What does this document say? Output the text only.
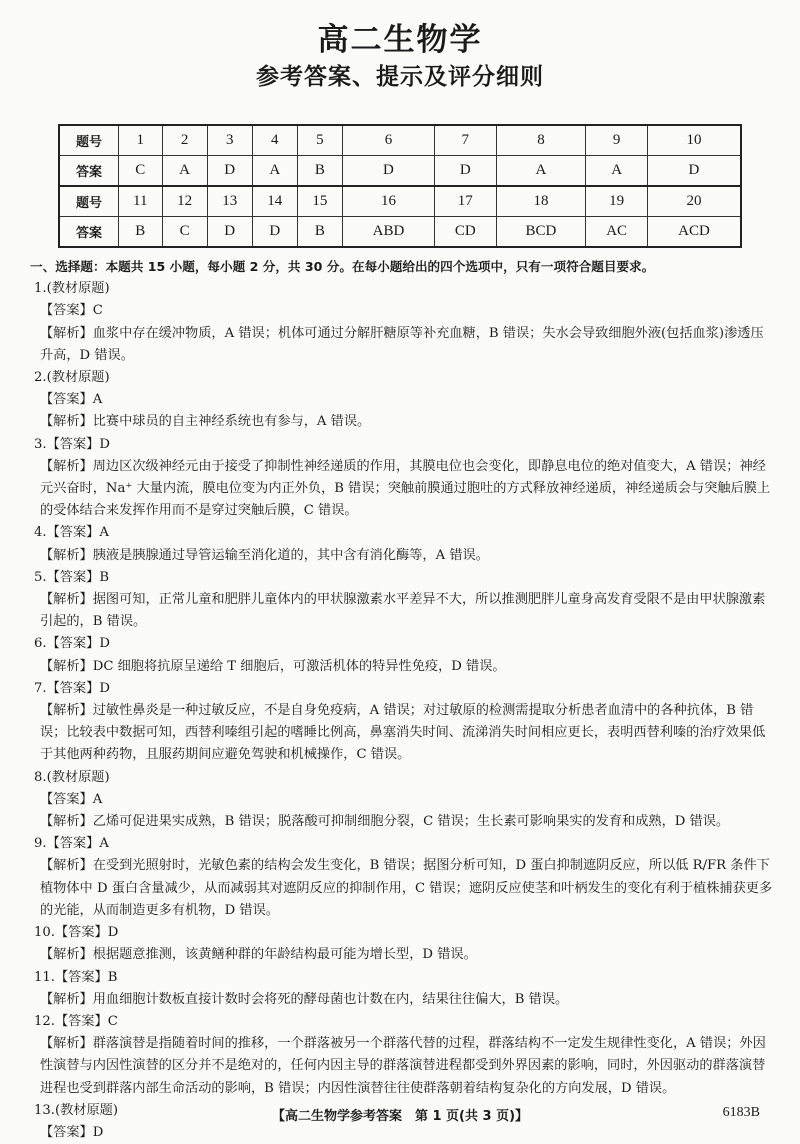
高二生物学
参考答案、提示及评分细则
题号	1	2	3	4	5	6	7	8	9	10
答案	C	A	D	A	B	D	D	A	A	D
题号	11	12	13	14	15	16	17	18	19	20
答案	B	C	D	D	B	ABD	CD	BCD	AC	ACD
一、选择题：本题共 15 小题，每小题 2 分，共 30 分。在每小题给出的四个选项中，只有一项符合题目要求。
1.(教材原题)
【答案】C
【解析】血浆中存在缓冲物质，A 错误；机体可通过分解肝糖原等补充血糖，B 错误；失水会导致细胞外液(包括血浆)渗透压升高，D 错误。
2.(教材原题)
【答案】A
【解析】比赛中球员的自主神经系统也有参与，A 错误。
3.【答案】D
【解析】周边区次级神经元由于接受了抑制性神经递质的作用，其膜电位也会变化，即静息电位的绝对值变大，A 错误；神经元兴奋时，Na⁺ 大量内流，膜电位变为内正外负，B 错误；突触前膜通过胞吐的方式释放神经递质，神经递质会与突触后膜上的受体结合来发挥作用而不是穿过突触后膜，C 错误。
4.【答案】A
【解析】胰液是胰腺通过导管运输至消化道的，其中含有消化酶等，A 错误。
5.【答案】B
【解析】据图可知，正常儿童和肥胖儿童体内的甲状腺激素水平差异不大，所以推测肥胖儿童身高发育受限不是由甲状腺激素引起的，B 错误。
6.【答案】D
【解析】DC 细胞将抗原呈递给 T 细胞后，可激活机体的特异性免疫，D 错误。
7.【答案】D
【解析】过敏性鼻炎是一种过敏反应，不是自身免疫病，A 错误；对过敏原的检测需提取分析患者血清中的各种抗体，B 错误；比较表中数据可知，西替利嗪组引起的嗜睡比例高，鼻塞消失时间、流涕消失时间相应更长，表明西替利嗪的治疗效果低于其他两种药物，且服药期间应避免驾驶和机械操作，C 错误。
8.(教材原题)
【答案】A
【解析】乙烯可促进果实成熟，B 错误；脱落酸可抑制细胞分裂，C 错误；生长素可影响果实的发育和成熟，D 错误。
9.【答案】A
【解析】在受到光照射时，光敏色素的结构会发生变化，B 错误；据图分析可知，D 蛋白抑制遮阴反应，所以低 R/FR 条件下植物体中 D 蛋白含量减少，从而减弱其对遮阴反应的抑制作用，C 错误；遮阴反应使茎和叶柄发生的变化有利于植株捕获更多的光能，从而制造更多有机物，D 错误。
10.【答案】D
【解析】根据题意推测，该黄鳝种群的年龄结构最可能为增长型，D 错误。
11.【答案】B
【解析】用血细胞计数板直接计数时会将死的酵母菌也计数在内，结果往往偏大，B 错误。
12.【答案】C
【解析】群落演替是指随着时间的推移，一个群落被另一个群落代替的过程，群落结构不一定发生规律性变化，A 错误；外因性演替与内因性演替的区分并不是绝对的，任何内因主导的群落演替进程都受到外界因素的影响，同时，外因驱动的群落演替进程也受到群落内部生命活动的影响，B 错误；内因性演替往往使群落朝着结构复杂化的方向发展，D 错误。
13.(教材原题)
【答案】D
【高二生物学参考答案　第 1 页(共 3 页)】	6183B
